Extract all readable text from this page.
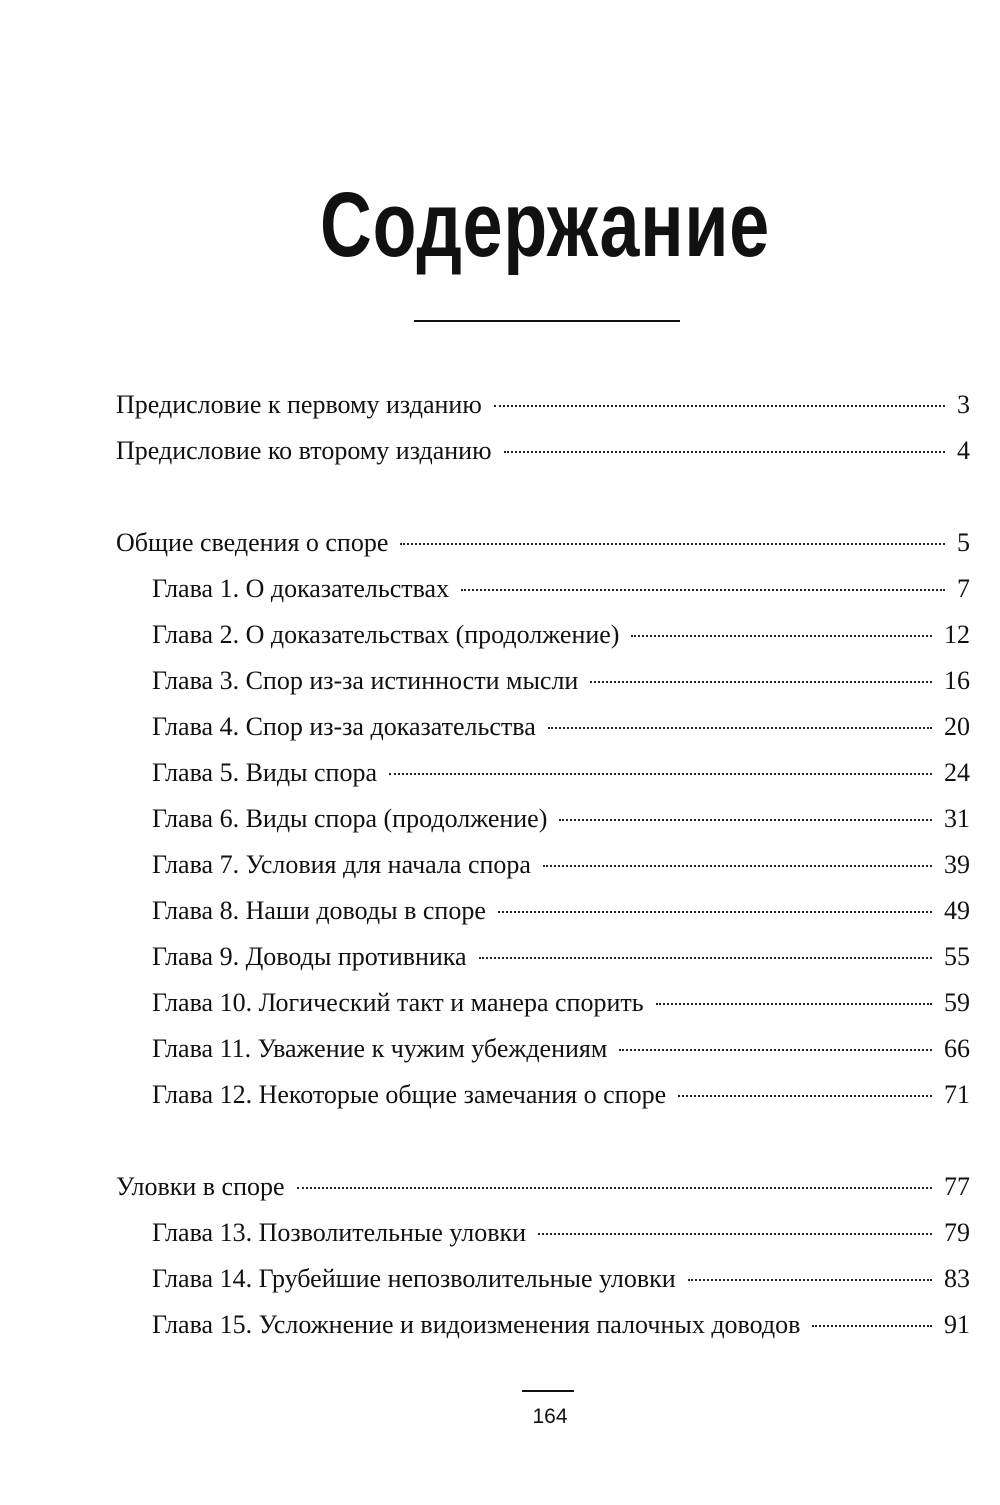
Содержание
Предисловие к первому изданию	3
Предисловие ко второму изданию	4
Общие сведения о споре	5
Глава 1. О доказательствах	7
Глава 2. О доказательствах (продолжение)	12
Глава 3. Спор из-за истинности мысли	16
Глава 4. Спор из-за доказательства	20
Глава 5. Виды спора	24
Глава 6. Виды спора (продолжение)	31
Глава 7. Условия для начала спора	39
Глава 8. Наши доводы в споре	49
Глава 9. Доводы противника	55
Глава 10. Логический такт и манера спорить	59
Глава 11. Уважение к чужим убеждениям	66
Глава 12. Некоторые общие замечания о споре	71
Уловки в споре	77
Глава 13. Позволительные уловки	79
Глава 14. Грубейшие непозволительные уловки	83
Глава 15. Усложнение и видоизменения палочных доводов	91
164
